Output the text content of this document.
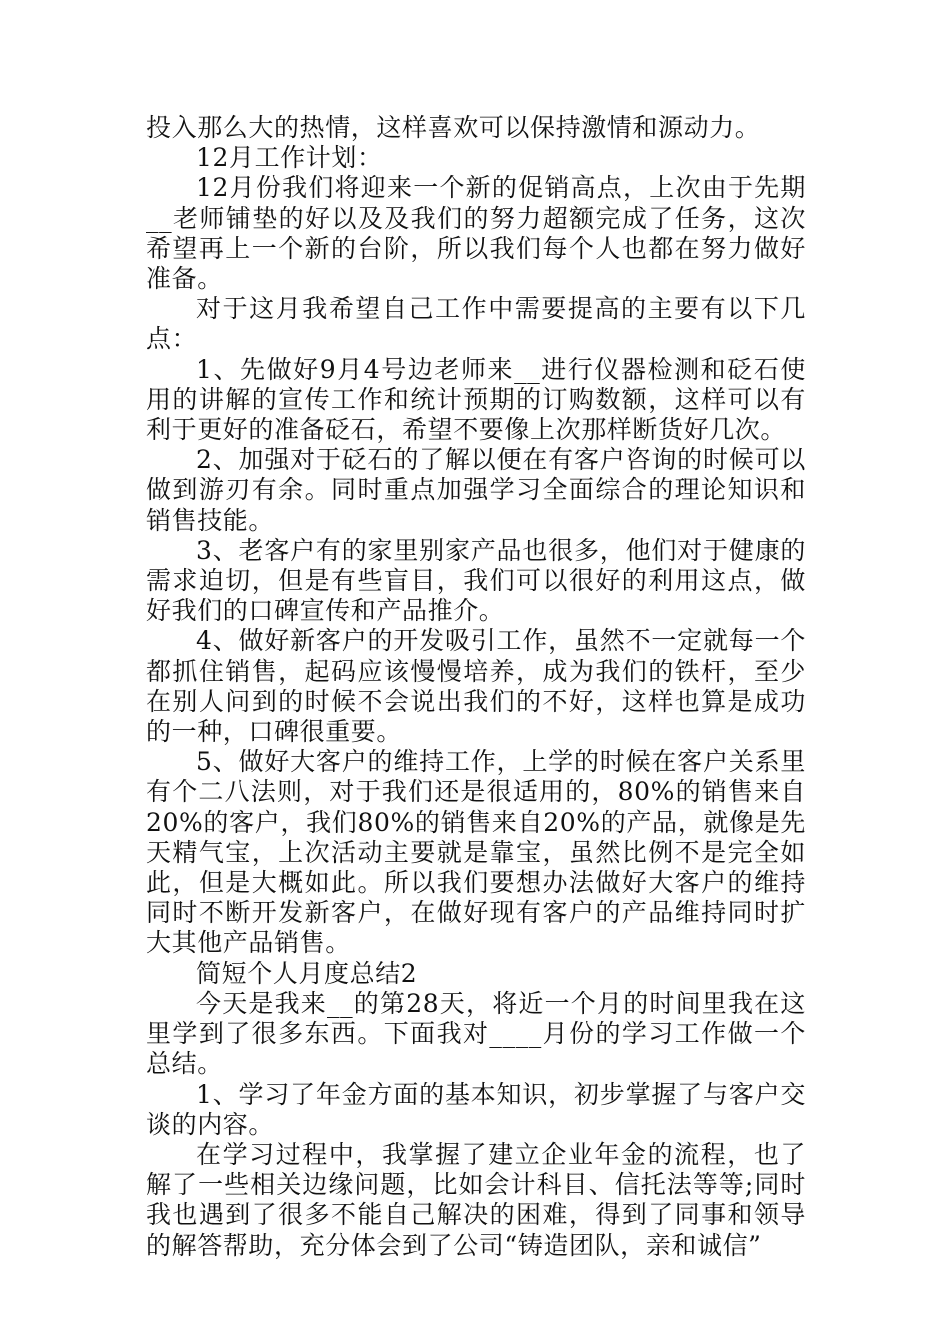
投入那么大的热情，这样喜欢可以保持激情和源动力。

12月工作计划：

12月份我们将迎来一个新的促销高点，上次由于先期__老师铺垫的好以及及我们的努力超额完成了任务，这次希望再上一个新的台阶，所以我们每个人也都在努力做好准备。

对于这月我希望自己工作中需要提高的主要有以下几点：

1、先做好9月4号边老师来__进行仪器检测和砭石使用的讲解的宣传工作和统计预期的订购数额，这样可以有利于更好的准备砭石，希望不要像上次那样断货好几次。

2、加强对于砭石的了解以便在有客户咨询的时候可以做到游刃有余。同时重点加强学习全面综合的理论知识和销售技能。

3、老客户有的家里别家产品也很多，他们对于健康的需求迫切，但是有些盲目，我们可以很好的利用这点，做好我们的口碑宣传和产品推介。

4、做好新客户的开发吸引工作，虽然不一定就每一个都抓住销售，起码应该慢慢培养，成为我们的铁杆，至少在别人问到的时候不会说出我们的不好，这样也算是成功的一种，口碑很重要。

5、做好大客户的维持工作，上学的时候在客户关系里有个二八法则，对于我们还是很适用的，80%的销售来自20%的客户，我们80%的销售来自20%的产品，就像是先天精气宝，上次活动主要就是靠宝，虽然比例不是完全如此，但是大概如此。所以我们要想办法做好大客户的维持同时不断开发新客户，在做好现有客户的产品维持同时扩大其他产品销售。

简短个人月度总结2

今天是我来__的第28天，将近一个月的时间里我在这里学到了很多东西。下面我对____月份的学习工作做一个总结。

1、学习了年金方面的基本知识，初步掌握了与客户交谈的内容。

在学习过程中，我掌握了建立企业年金的流程，也了解了一些相关边缘问题，比如会计科目、信托法等等;同时我也遇到了很多不能自己解决的困难，得到了同事和领导的解答帮助，充分体会到了公司“铸造团队，亲和诚信”
